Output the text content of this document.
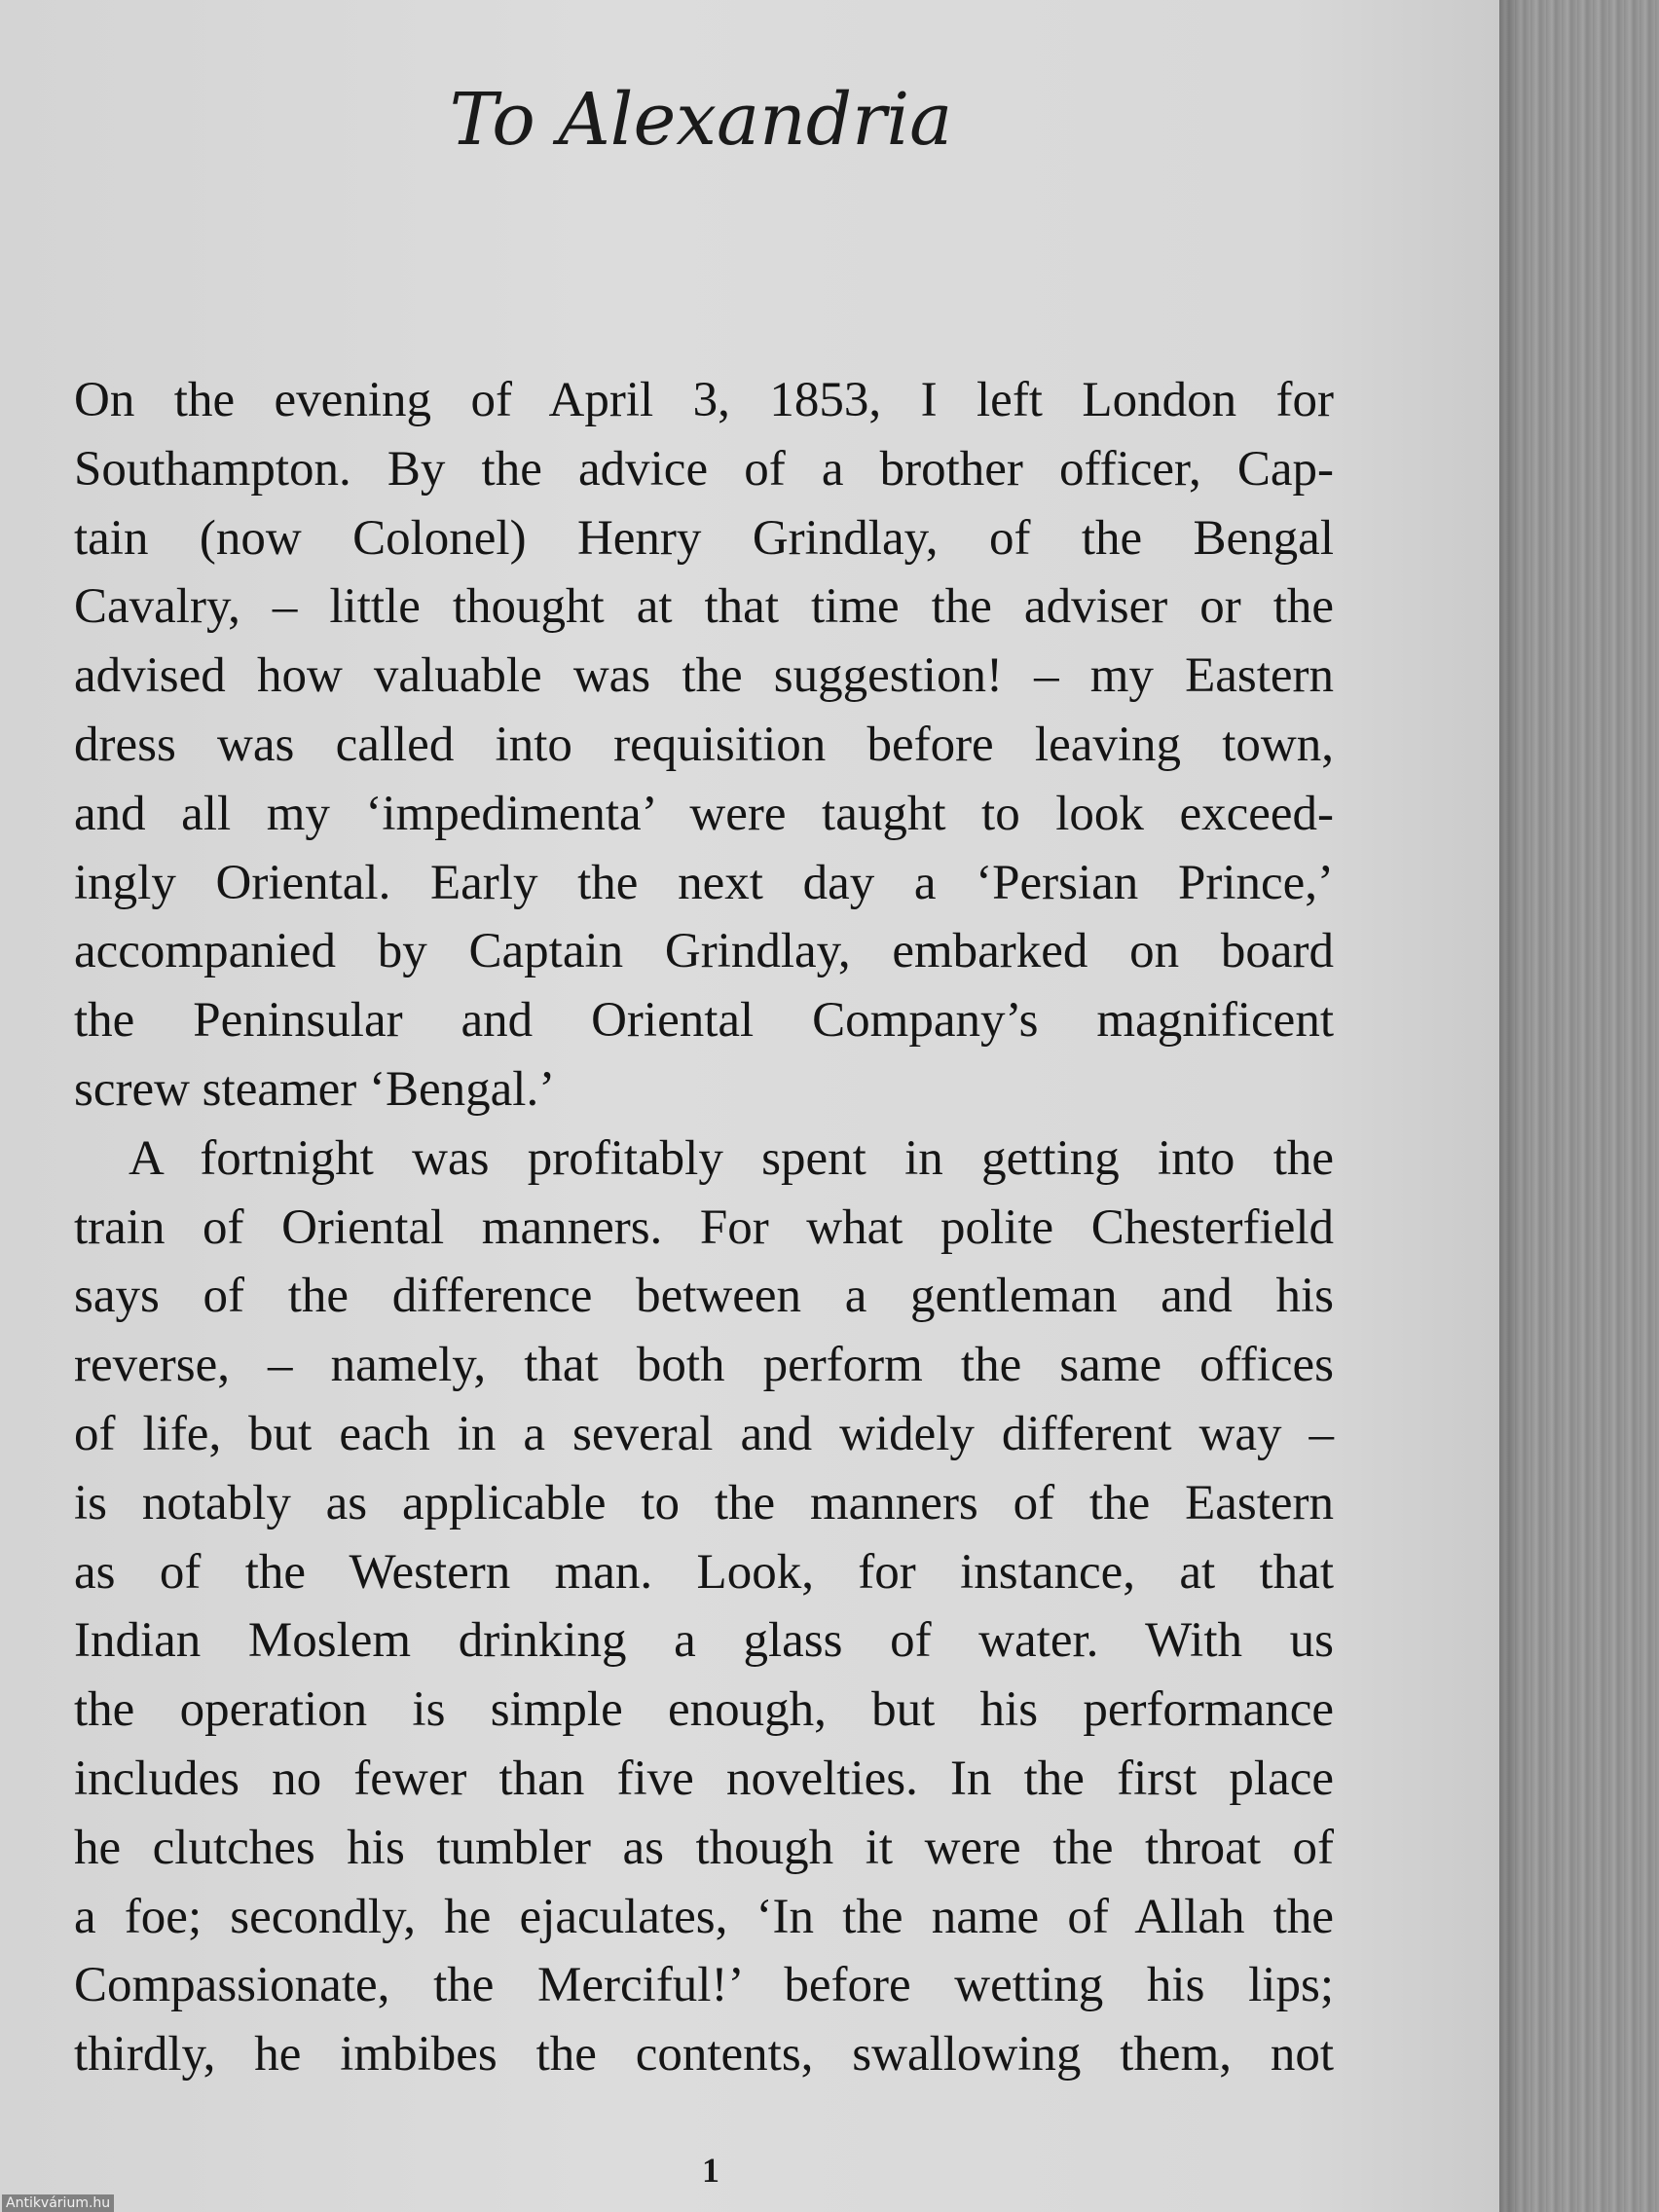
To Alexandria
On the evening of April 3, 1853, I left London for
Southampton. By the advice of a brother officer, Cap-
tain (now Colonel) Henry Grindlay, of the Bengal
Cavalry, – little thought at that time the adviser or the
advised how valuable was the suggestion! – my Eastern
dress was called into requisition before leaving town,
and all my ‘impedimenta’ were taught to look exceed-
ingly Oriental. Early the next day a ‘Persian Prince,’
accompanied by Captain Grindlay, embarked on board
the Peninsular and Oriental Company’s magnificent
screw steamer ‘Bengal.’
A fortnight was profitably spent in getting into the
train of Oriental manners. For what polite Chesterfield
says of the difference between a gentleman and his
reverse, – namely, that both perform the same offices
of life, but each in a several and widely different way –
is notably as applicable to the manners of the Eastern
as of the Western man. Look, for instance, at that
Indian Moslem drinking a glass of water. With us
the operation is simple enough, but his performance
includes no fewer than five novelties. In the first place
he clutches his tumbler as though it were the throat of
a foe; secondly, he ejaculates, ‘In the name of Allah the
Compassionate, the Merciful!’ before wetting his lips;
thirdly, he imbibes the contents, swallowing them, not
1
Antikvárium.hu
